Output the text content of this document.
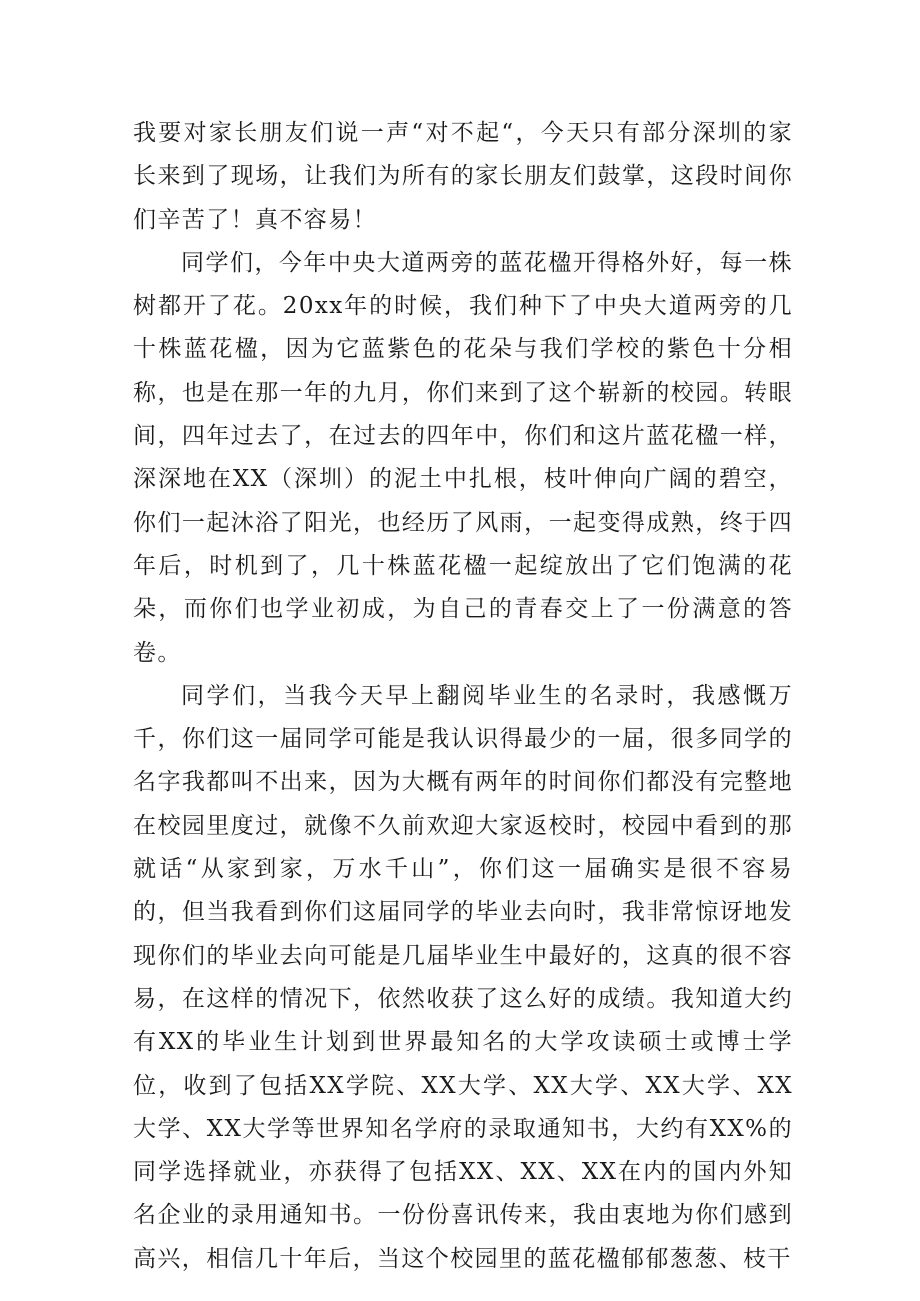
我要对家长朋友们说一声“对不起“，今天只有部分深圳的家长来到了现场，让我们为所有的家长朋友们鼓掌，这段时间你们辛苦了！真不容易！

同学们，今年中央大道两旁的蓝花楹开得格外好，每一株树都开了花。20xx年的时候，我们种下了中央大道两旁的几十株蓝花楹，因为它蓝紫色的花朵与我们学校的紫色十分相称，也是在那一年的九月，你们来到了这个崭新的校园。转眼间，四年过去了，在过去的四年中，你们和这片蓝花楹一样，深深地在XX（深圳）的泥土中扎根，枝叶伸向广阔的碧空，你们一起沐浴了阳光，也经历了风雨，一起变得成熟，终于四年后，时机到了，几十株蓝花楹一起绽放出了它们饱满的花朵，而你们也学业初成，为自己的青春交上了一份满意的答卷。

同学们，当我今天早上翻阅毕业生的名录时，我感慨万千，你们这一届同学可能是我认识得最少的一届，很多同学的名字我都叫不出来，因为大概有两年的时间你们都没有完整地在校园里度过，就像不久前欢迎大家返校时，校园中看到的那就话“从家到家，万水千山”，你们这一届确实是很不容易的，但当我看到你们这届同学的毕业去向时，我非常惊讶地发现你们的毕业去向可能是几届毕业生中最好的，这真的很不容易，在这样的情况下，依然收获了这么好的成绩。我知道大约有XX的毕业生计划到世界最知名的大学攻读硕士或博士学位，收到了包括XX学院、XX大学、XX大学、XX大学、XX大学、XX大学等世界知名学府的录取通知书，大约有XX%的同学选择就业，亦获得了包括XX、XX、XX在内的国内外知名企业的录用通知书。一份份喜讯传来，我由衷地为你们感到高兴，相信几十年后，当这个校园里的蓝花楹郁郁葱葱、枝干
